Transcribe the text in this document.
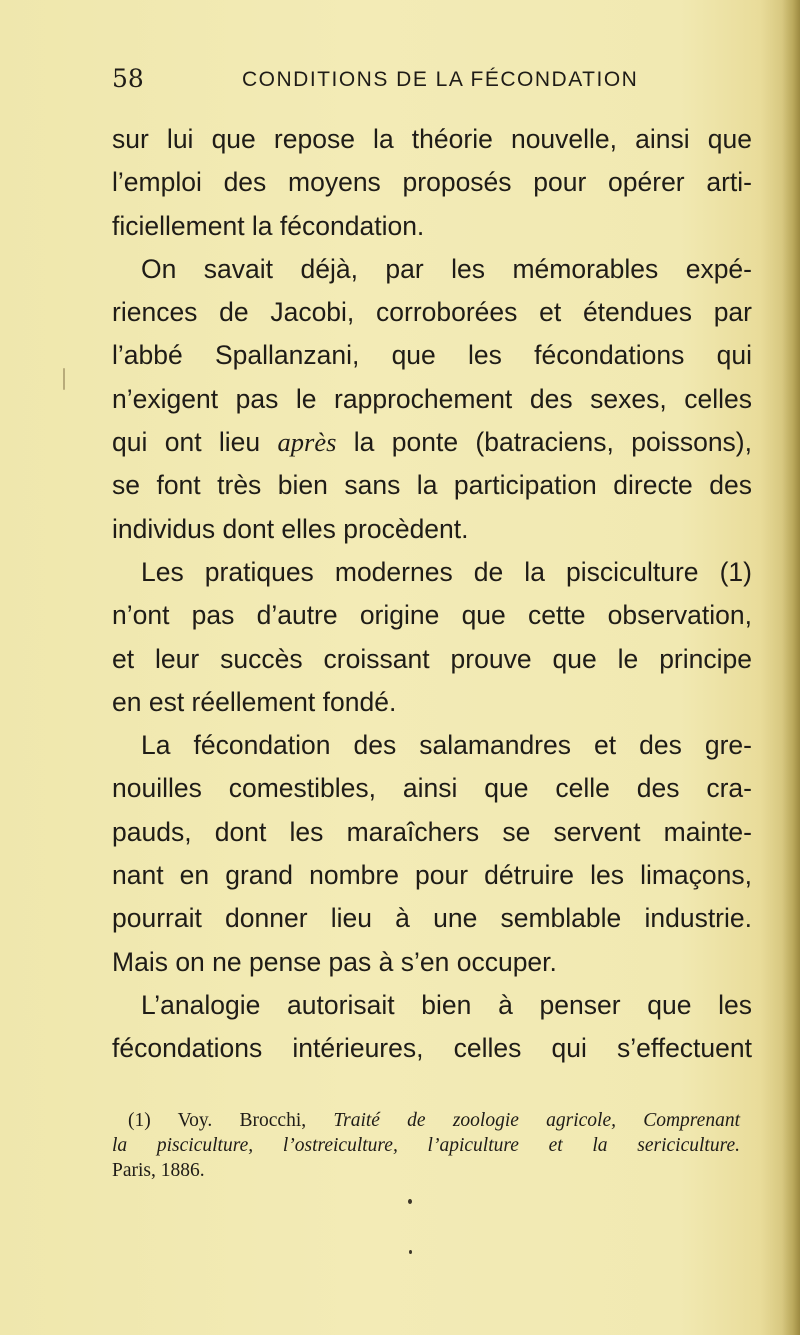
58	CONDITIONS DE LA FÉCONDATION
sur lui que repose la théorie nouvelle, ainsi que
l’emploi des moyens proposés pour opérer arti-
ficiellement la fécondation.
On savait déjà, par les mémorables expé-
riences de Jacobi, corroborées et étendues par
l’abbé Spallanzani, que les fécondations qui
n’exigent pas le rapprochement des sexes, celles
qui ont lieu après la ponte (batraciens, poissons),
se font très bien sans la participation directe des
individus dont elles procèdent.
Les pratiques modernes de la pisciculture (1)
n’ont pas d’autre origine que cette observation,
et leur succès croissant prouve que le principe
en est réellement fondé.
La fécondation des salamandres et des gre-
nouilles comestibles, ainsi que celle des cra-
pauds, dont les maraîchers se servent mainte-
nant en grand nombre pour détruire les limaçons,
pourrait donner lieu à une semblable industrie.
Mais on ne pense pas à s’en occuper.
L’analogie autorisait bien à penser que les
fécondations intérieures, celles qui s’effectuent
(1) Voy. Brocchi, Traité de zoologie agricole, Comprenant
la pisciculture, l’ostreiculture, l’apiculture et la sericiculture.
Paris, 1886.
